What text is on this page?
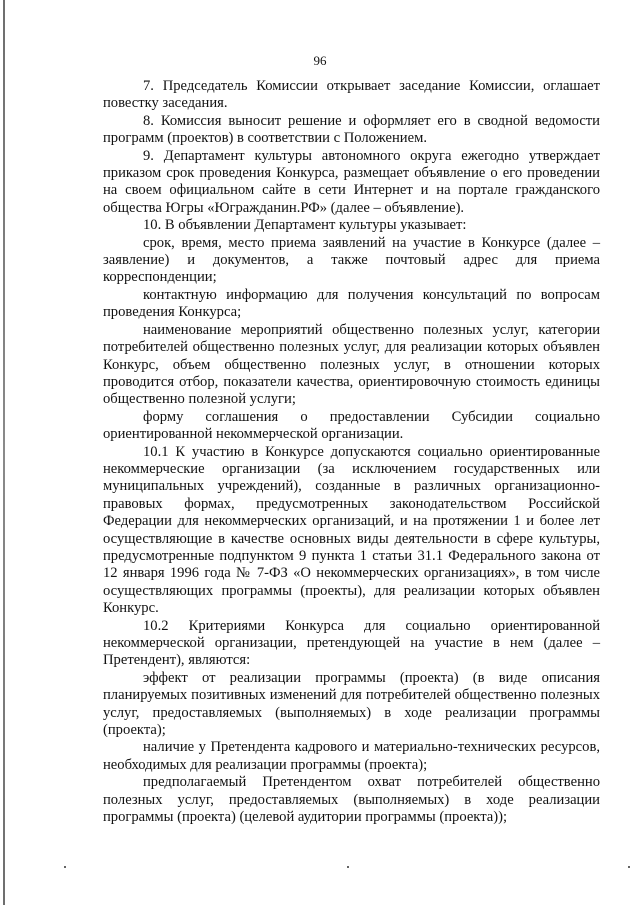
96

7. Председатель Комиссии открывает заседание Комиссии, оглашает повестку заседания.

8. Комиссия выносит решение и оформляет его в сводной ведомости программ (проектов) в соответствии с Положением.

9. Департамент культуры автономного округа ежегодно утверждает приказом срок проведения Конкурса, размещает объявление о его проведении на своем официальном сайте в сети Интернет и на портале гражданского общества Югры «Югражданин.РФ» (далее – объявление).

10. В объявлении Департамент культуры указывает:

срок, время, место приема заявлений на участие в Конкурсе (далее – заявление) и документов, а также почтовый адрес для приема корреспонденции;

контактную информацию для получения консультаций по вопросам проведения Конкурса;

наименование мероприятий общественно полезных услуг, категории потребителей общественно полезных услуг, для реализации которых объявлен Конкурс, объем общественно полезных услуг, в отношении которых проводится отбор, показатели качества, ориентировочную стоимость единицы общественно полезной услуги;

форму соглашения о предоставлении Субсидии социально ориентированной некоммерческой организации.

10.1 К участию в Конкурсе допускаются социально ориентированные некоммерческие организации (за исключением государственных или муниципальных учреждений), созданные в различных организационно-правовых формах, предусмотренных законодательством Российской Федерации для некоммерческих организаций, и на протяжении 1 и более лет осуществляющие в качестве основных виды деятельности в сфере культуры, предусмотренные подпунктом 9 пункта 1 статьи 31.1 Федерального закона от 12 января 1996 года № 7-ФЗ «О некоммерческих организациях», в том числе осуществляющих программы (проекты), для реализации которых объявлен Конкурс.

10.2 Критериями Конкурса для социально ориентированной некоммерческой организации, претендующей на участие в нем (далее – Претендент), являются:

эффект от реализации программы (проекта) (в виде описания планируемых позитивных изменений для потребителей общественно полезных услуг, предоставляемых (выполняемых) в ходе реализации программы (проекта);

наличие у Претендента кадрового и материально-технических ресурсов, необходимых для реализации программы (проекта);

предполагаемый Претендентом охват потребителей общественно полезных услуг, предоставляемых (выполняемых) в ходе реализации программы (проекта) (целевой аудитории программы (проекта));
